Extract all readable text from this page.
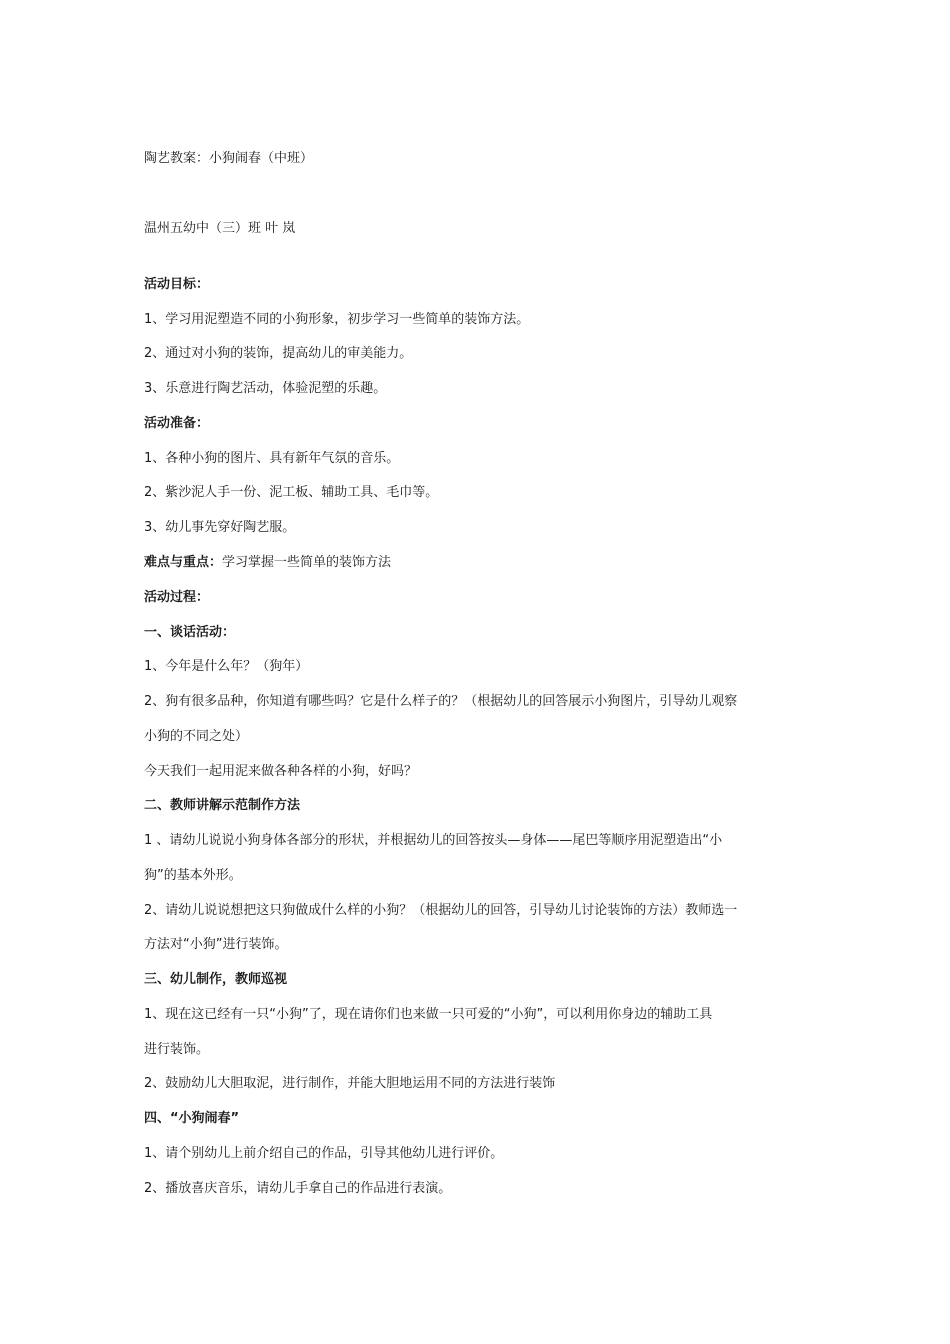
陶艺教案：小狗闹春（中班）

温州五幼中（三）班 叶 岚

活动目标：

1、学习用泥塑造不同的小狗形象，初步学习一些简单的装饰方法。

2、通过对小狗的装饰，提高幼儿的审美能力。

3、乐意进行陶艺活动，体验泥塑的乐趣。

活动准备：

1、各种小狗的图片、具有新年气氛的音乐。

2、紫沙泥人手一份、泥工板、辅助工具、毛巾等。

3、幼儿事先穿好陶艺服。

难点与重点：学习掌握一些简单的装饰方法

活动过程：

一、谈话活动：

1、今年是什么年？（狗年）

2、狗有很多品种，你知道有哪些吗？它是什么样子的？（根据幼儿的回答展示小狗图片，引导幼儿观察

小狗的不同之处）

今天我们一起用泥来做各种各样的小狗，好吗？

二、教师讲解示范制作方法

1 、请幼儿说说小狗身体各部分的形状，并根据幼儿的回答按头—身体——尾巴等顺序用泥塑造出“小

狗”的基本外形。

2、请幼儿说说想把这只狗做成什么样的小狗？（根据幼儿的回答，引导幼儿讨论装饰的方法）教师选一

方法对“小狗”进行装饰。

三、幼儿制作，教师巡视

1、现在这已经有一只“小狗”了，现在请你们也来做一只可爱的“小狗”，可以利用你身边的辅助工具

进行装饰。

2、鼓励幼儿大胆取泥，进行制作，并能大胆地运用不同的方法进行装饰

四、“小狗闹春”

1、请个别幼儿上前介绍自己的作品，引导其他幼儿进行评价。

2、播放喜庆音乐，请幼儿手拿自己的作品进行表演。
